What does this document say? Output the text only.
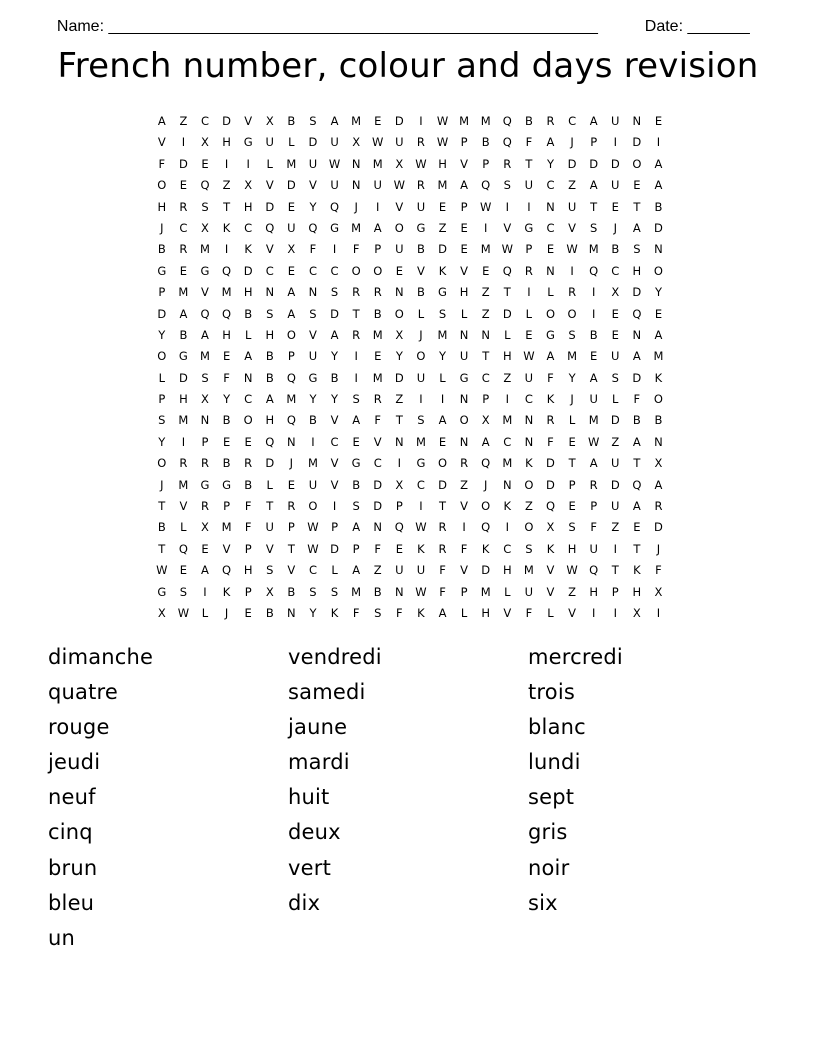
Name: _______________________________________________________
	Date: _______

French number, colour and days revision
A	Z	C	D	V	X	B	S	A	M	E	D	I	W M	M	Q	B	R	C	A	U	N	E
V	I	X	H	G	U	L	D	U	X	W	U	R	W	P	B	Q	F	A	J	P	I	D	I
F	D	E	I	I	L	M	U	W	N	M	X	W	H	V	P	R	T	Y	D	D	D	O	A
O	E	Q	Z	X	V	D	V	U	N	U	W	R	M	A	Q	S	U	C	Z	A	U	E	A
H	R	S	T	H	D	E	Y	Q	J	I	V	U	E	P	W	I	I	N	U	T	E	T	B
J	C	X	K	C	Q	U	Q	G	M	A	O	G	Z	E	I	V	G	C	V	S	J	A	D
B	R	M	I	K	V	X	F	I	F	P	U	B	D	E	M W	P	E	W M	B	S	N
G	E	G	Q	D	C	E	C	C	O	O	E	V	K	V	E	Q	R	N	I	Q	C	H	O
P	M	V	M	H	N	A	N	S	R	R	N	B	G	H	Z	T	I	L	R	I	X	D	Y
D	A	Q	Q	B	S	A	S	D	T	B	O	L	S	L	Z	D	L	O	O	I	E	Q	E
Y	B	A	H	L	H	O	V	A	R	M	X	J	M	N	N	L	E	G	S	B	E	N	A
O	G	M	E	A	B	P	U	Y	I	E	Y	O	Y	U	T	H	W	A	M	E	U	A	M
L	D	S	F	N	B	Q	G	B	I	M	D	U	L	G	C	Z	U	F	Y	A	S	D	K
P	H	X	Y	C	A	M	Y	Y	S	R	Z	I	I	N	P	I	C	K	J	U	L	F	O
S	M	N	B	O	H	Q	B	V	A	F	T	S	A	O	X	M	N	R	L	M	D	B	B
Y	I	P	E	E	Q	N	I	C	E	V	N	M	E	N	A	C	N	F	E	W	Z	A	N
O	R	R	B	R	D	J	M	V	G	C	I	G	O	R	Q	M	K	D	T	A	U	T	X
J	M	G	G	B	L	E	U	V	B	D	X	C	D	Z	J	N	O	D	P	R	D	Q	A
T	V	R	P	F	T	R	O	I	S	D	P	I	T	V	O	K	Z	Q	E	P	U	A	R
B	L	X	M	F	U	P	W	P	A	N	Q W	R	I	Q	I	O	X	S	F	Z	E	D
T	Q	E	V	P	V	T	W D	P	F	E	K	R	F	K	C	S	K	H	U	I	T	J
W	E	A	Q	H	S	V	C	L	A	Z	U	U	F	V	D	H	M	V	W Q	T	K	F
G	S	I	K	P	X	B	S	S	M	B	N	W	F	P	M	L	U	V	Z	H	P	H	X
X	W	L	J	E	B	N	Y	K	F	S	F	K	A	L	H	V	F	L	V	I	I	X	I
dimanche	vendredi	mercredi
quatre	samedi	trois
rouge	jaune	blanc
jeudi	mardi	lundi
neuf	huit	sept
cinq	deux	gris
brun	vert	noir
bleu	dix	six
un
